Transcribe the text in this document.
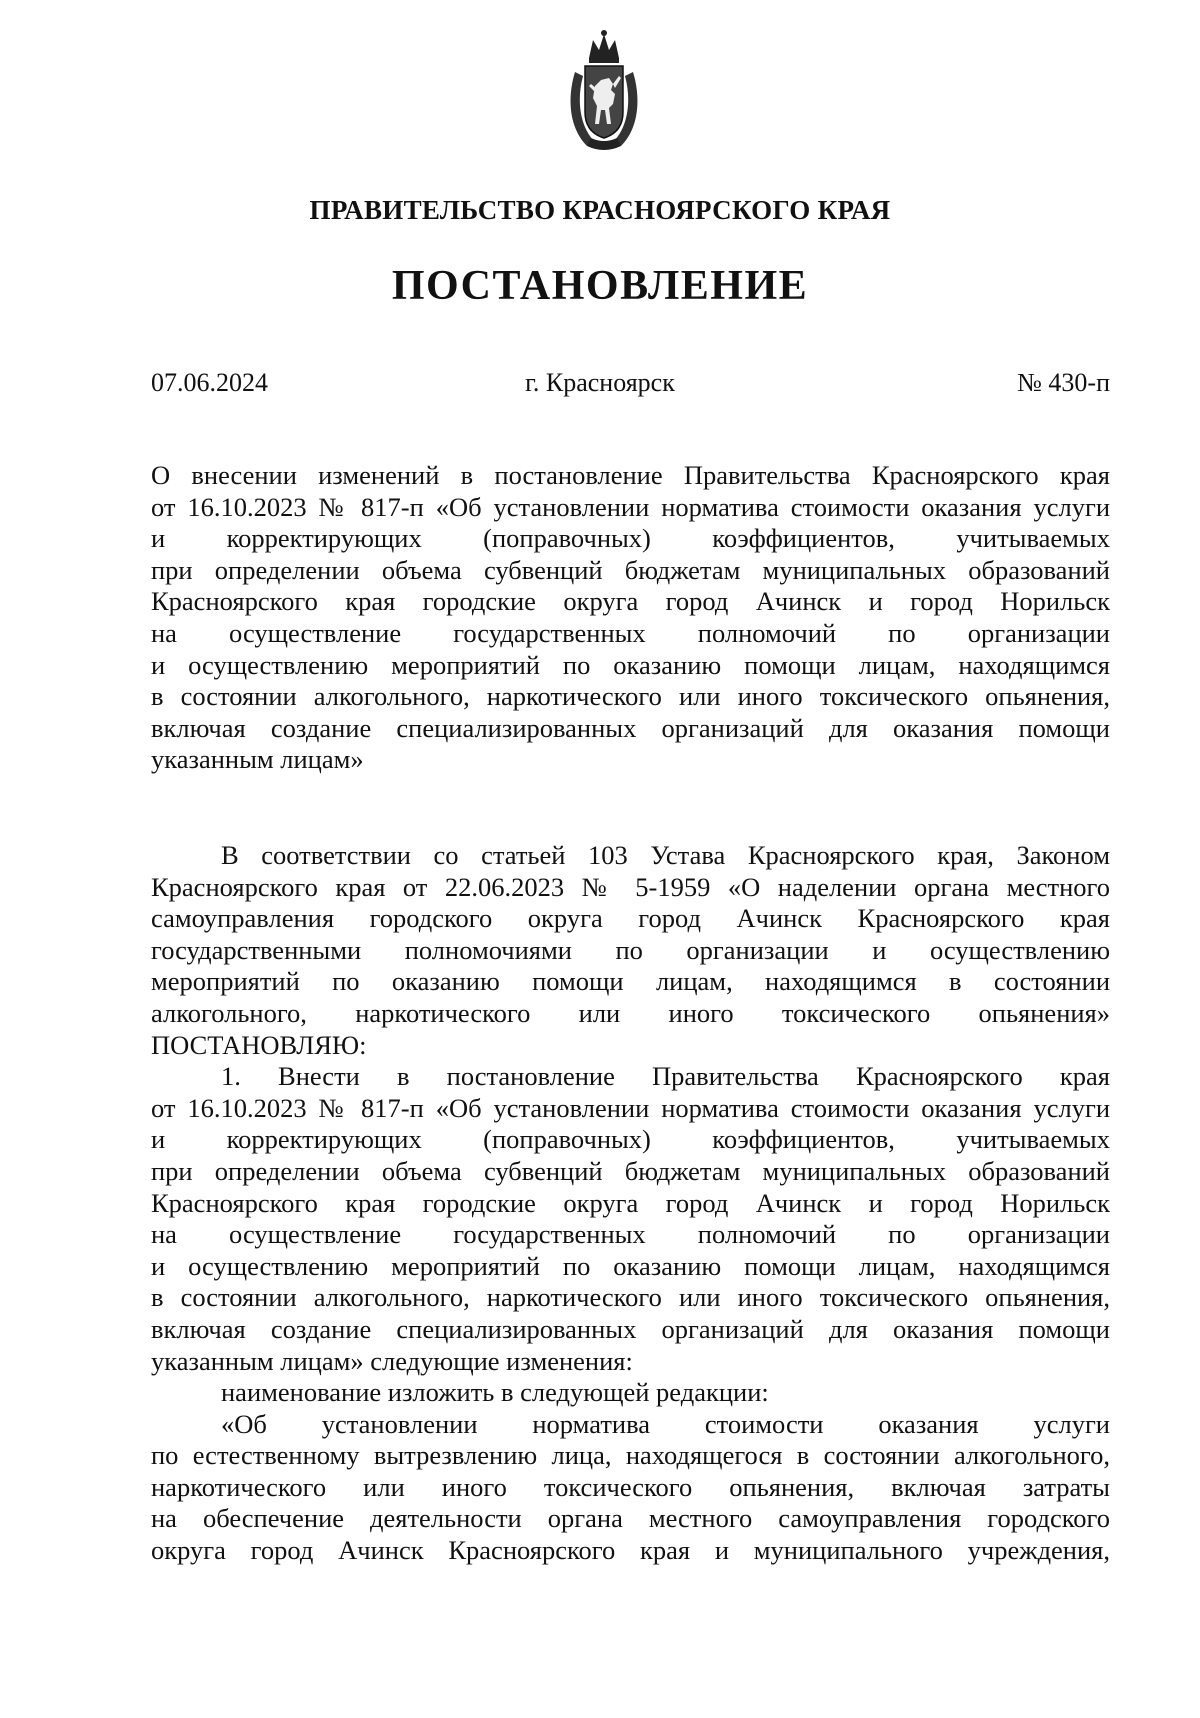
ПРАВИТЕЛЬСТВО КРАСНОЯРСКОГО КРАЯ
ПОСТАНОВЛЕНИЕ
07.06.2024	г. Красноярск	№ 430-п
О внесении изменений в постановление Правительства Красноярского края
от 16.10.2023 № 817-п «Об установлении норматива стоимости оказания услуги
и корректирующих (поправочных) коэффициентов, учитываемых
при определении объема субвенций бюджетам муниципальных образований
Красноярского края городские округа город Ачинск и город Норильск
на осуществление государственных полномочий по организации
и осуществлению мероприятий по оказанию помощи лицам, находящимся
в состоянии алкогольного, наркотического или иного токсического опьянения,
включая создание специализированных организаций для оказания помощи
указанным лицам»
В соответствии со статьей 103 Устава Красноярского края, Законом
Красноярского края от 22.06.2023 № 5-1959 «О наделении органа местного
самоуправления городского округа город Ачинск Красноярского края
государственными полномочиями по организации и осуществлению
мероприятий по оказанию помощи лицам, находящимся в состоянии
алкогольного, наркотического или иного токсического опьянения»
ПОСТАНОВЛЯЮ:
1. Внести в постановление Правительства Красноярского края
от 16.10.2023 № 817-п «Об установлении норматива стоимости оказания услуги
и корректирующих (поправочных) коэффициентов, учитываемых
при определении объема субвенций бюджетам муниципальных образований
Красноярского края городские округа город Ачинск и город Норильск
на осуществление государственных полномочий по организации
и осуществлению мероприятий по оказанию помощи лицам, находящимся
в состоянии алкогольного, наркотического или иного токсического опьянения,
включая создание специализированных организаций для оказания помощи
указанным лицам» следующие изменения:
наименование изложить в следующей редакции:
«Об установлении норматива стоимости оказания услуги
по естественному вытрезвлению лица, находящегося в состоянии алкогольного,
наркотического или иного токсического опьянения, включая затраты
на обеспечение деятельности органа местного самоуправления городского
округа город Ачинск Красноярского края и муниципального учреждения,
